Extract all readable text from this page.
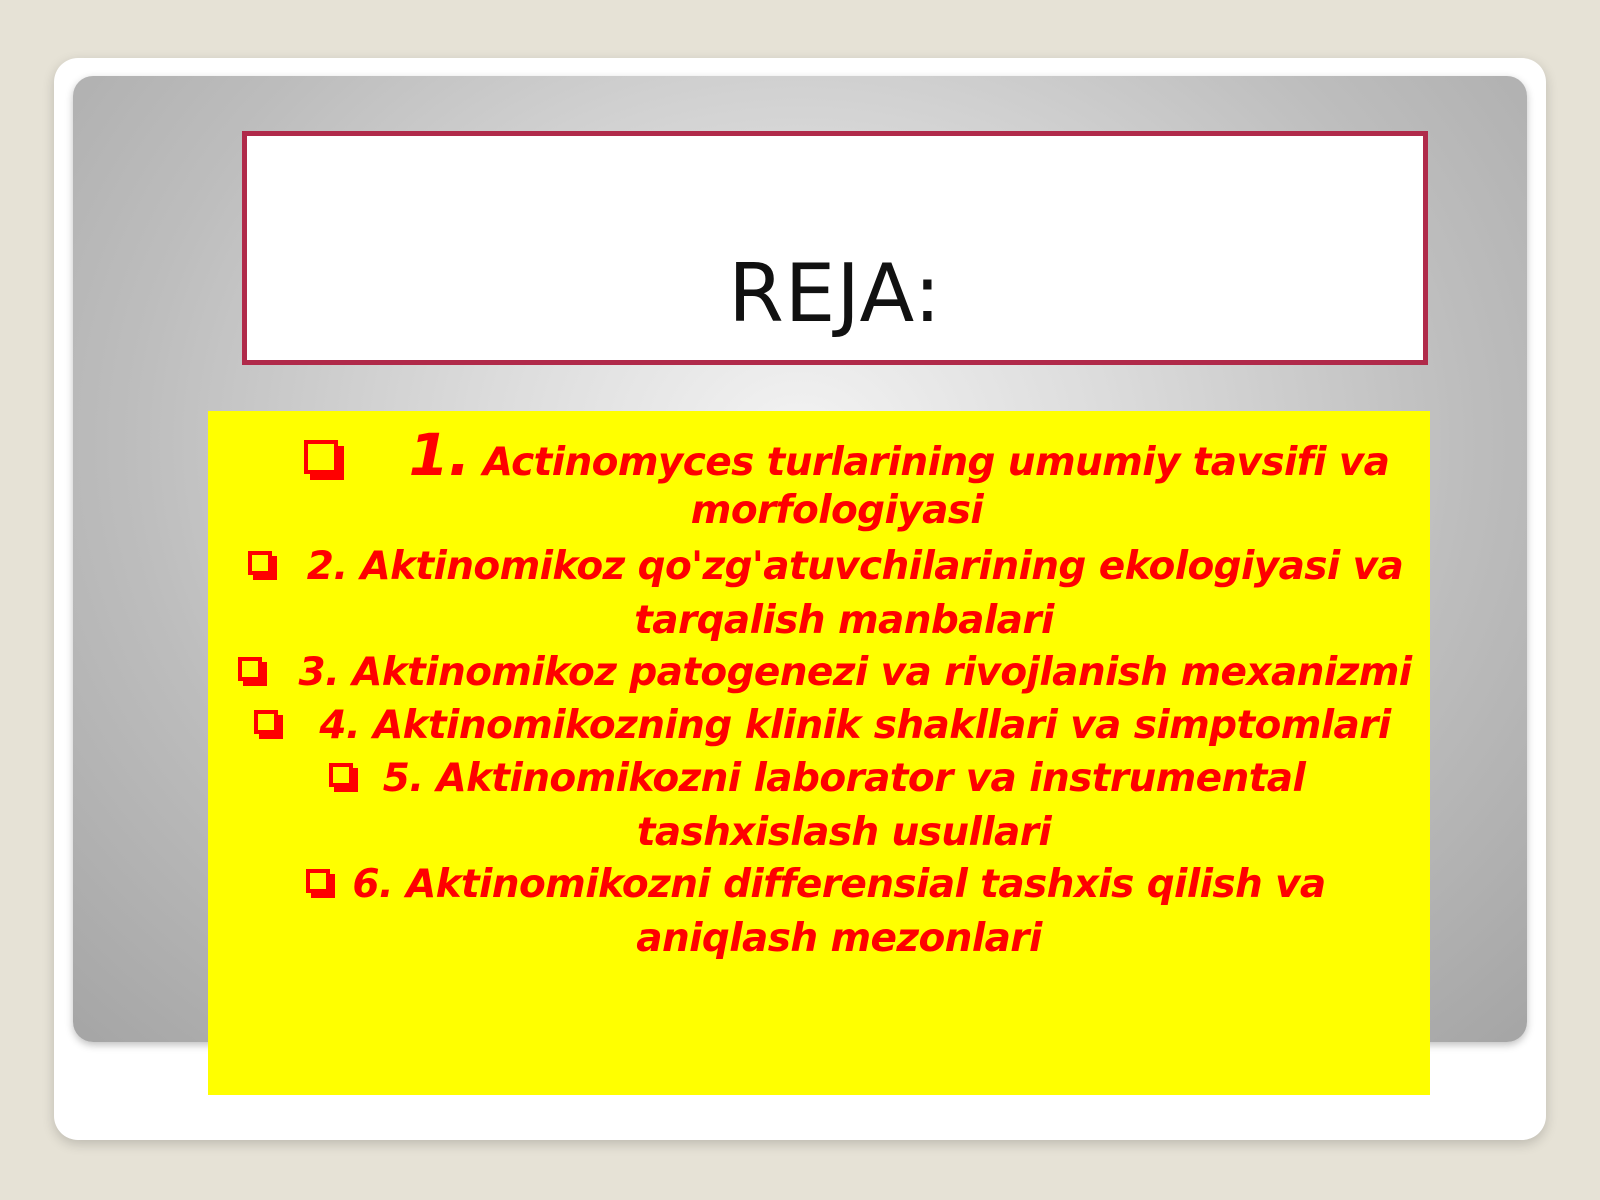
REJA:
1. Actinomyces turlarining umumiy tavsifi va
morfologiyasi
2. Aktinomikoz qo'zg'atuvchilarining ekologiyasi va
tarqalish manbalari
3. Aktinomikoz patogenezi va rivojlanish mexanizmi
4. Aktinomikozning klinik shakllari va simptomlari
5. Aktinomikozni laborator va instrumental
tashxislash usullari
6. Aktinomikozni differensial tashxis qilish va
aniqlash mezonlari
